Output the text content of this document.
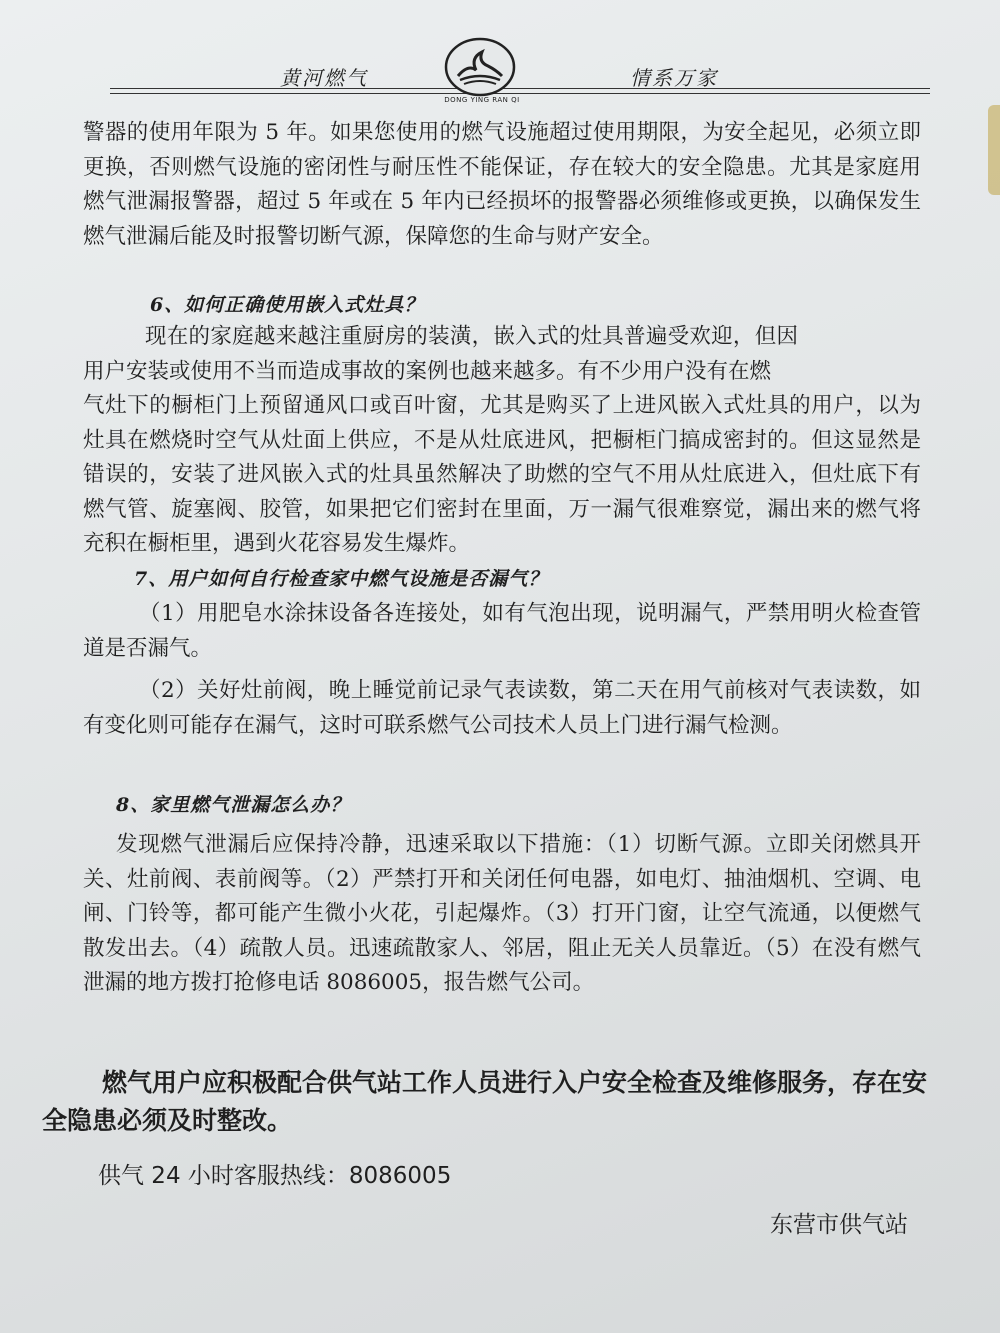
黄河燃气	情系万家
DONG YING RAN QI

警器的使用年限为 5 年。如果您使用的燃气设施超过使用期限，为安全起见，必须立即更换，否则燃气设施的密闭性与耐压性不能保证，存在较大的安全隐患。尤其是家庭用燃气泄漏报警器，超过 5 年或在 5 年内已经损坏的报警器必须维修或更换，以确保发生燃气泄漏后能及时报警切断气源，保障您的生命与财产安全。

6、如何正确使用嵌入式灶具？

现在的家庭越来越注重厨房的装潢，嵌入式的灶具普遍受欢迎，但因用户安装或使用不当而造成事故的案例也越来越多。有不少用户没有在燃

气灶下的橱柜门上预留通风口或百叶窗，尤其是购买了上进风嵌入式灶具的用户，以为灶具在燃烧时空气从灶面上供应，不是从灶底进风，把橱柜门搞成密封的。但这显然是错误的，安装了进风嵌入式的灶具虽然解决了助燃的空气不用从灶底进入，但灶底下有燃气管、旋塞阀、胶管，如果把它们密封在里面，万一漏气很难察觉，漏出来的燃气将充积在橱柜里，遇到火花容易发生爆炸。

7、用户如何自行检查家中燃气设施是否漏气？

（1）用肥皂水涂抹设备各连接处，如有气泡出现，说明漏气，严禁用明火检查管道是否漏气。

（2）关好灶前阀，晚上睡觉前记录气表读数，第二天在用气前核对气表读数，如有变化则可能存在漏气，这时可联系燃气公司技术人员上门进行漏气检测。

8、家里燃气泄漏怎么办？

发现燃气泄漏后应保持冷静，迅速采取以下措施：（1）切断气源。立即关闭燃具开关、灶前阀、表前阀等。（2）严禁打开和关闭任何电器，如电灯、抽油烟机、空调、电闸、门铃等，都可能产生微小火花，引起爆炸。（3）打开门窗，让空气流通，以便燃气散发出去。（4）疏散人员。迅速疏散家人、邻居，阻止无关人员靠近。（5）在没有燃气泄漏的地方拨打抢修电话 8086005，报告燃气公司。

燃气用户应积极配合供气站工作人员进行入户安全检查及维修服务，存在安全隐患必须及时整改。

供气 24 小时客服热线：8086005
东营市供气站
